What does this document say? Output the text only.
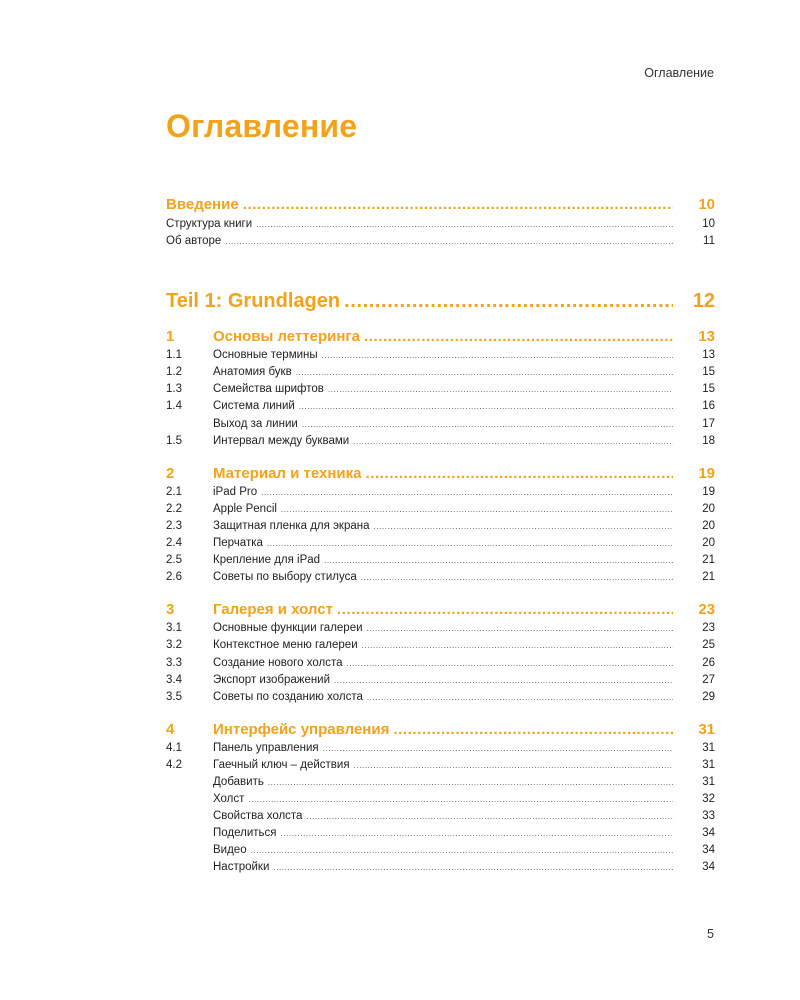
Оглавление
Оглавление
Введение .....	10
Структура книги .....	10
Об авторе .....	11
Teil 1: Grundlagen .....	12
1	Основы леттеринга .....	13
1.1	Основные термины .....	13
1.2	Анатомия букв .....	15
1.3	Семейства шрифтов .....	15
1.4	Система линий .....	16
Выход за линии .....	17
1.5	Интервал между буквами .....	18
2	Материал и техника .....	19
2.1	iPad Pro .....	19
2.2	Apple Pencil .....	20
2.3	Защитная пленка для экрана .....	20
2.4	Перчатка .....	20
2.5	Крепление для iPad .....	21
2.6	Советы по выбору стилуса .....	21
3	Галерея и холст .....	23
3.1	Основные функции галереи .....	23
3.2	Контекстное меню галереи .....	25
3.3	Создание нового холста .....	26
3.4	Экспорт изображений .....	27
3.5	Советы по созданию холста .....	29
4	Интерфейс управления .....	31
4.1	Панель управления .....	31
4.2	Гаечный ключ – действия .....	31
Добавить .....	31
Холст .....	32
Свойства холста .....	33
Поделиться .....	34
Видео .....	34
Настройки .....	34
5
